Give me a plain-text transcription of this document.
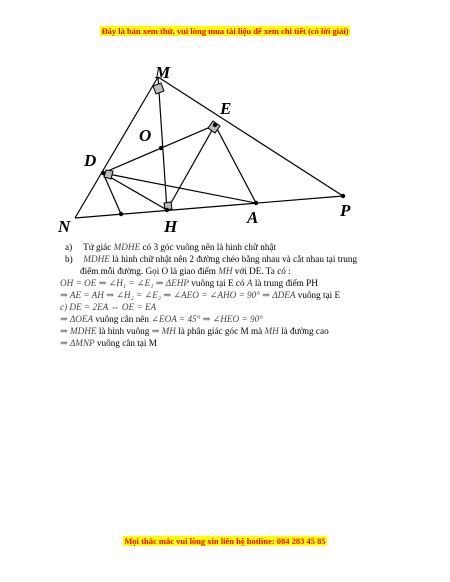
Đây là bản xem thử, vui lòng mua tài liệu để xem chi tiết (có lời giải)
M
E
O
D
N	H	A	P
a) Tứ giác MDHE có 3 góc vuông nên là hình chữ nhật
b) MDHE là hình chữ nhật nên 2 đường chéo bằng nhau và cắt nhau tại trung
điểm mỗi đường. Gọi O là giao điểm MH với DE. Ta có :
OH = OE ⇒ ∠H₁ = ∠E₁ ⇒ ΔEHP vuông tại E có A là trung điểm PH
⇒ AE = AH ⇒ ∠H₂ = ∠E₂ ⇒ ∠AEO = ∠AHO = 90° ⇒ ΔDEA vuông tại E
c) DE = 2EA ⇔ OE = EA
⇒ ΔOEA vuông cân nên ∠EOA = 45° ⇒ ∠HEO = 90°
⇒ MDHE là hình vuông ⇒ MH là phân giác góc M mà MH là đường cao
⇒ ΔMNP vuông cân tại M
Mọi thắc mắc vui lòng xin liên hệ hotline: 084 283 45 85
